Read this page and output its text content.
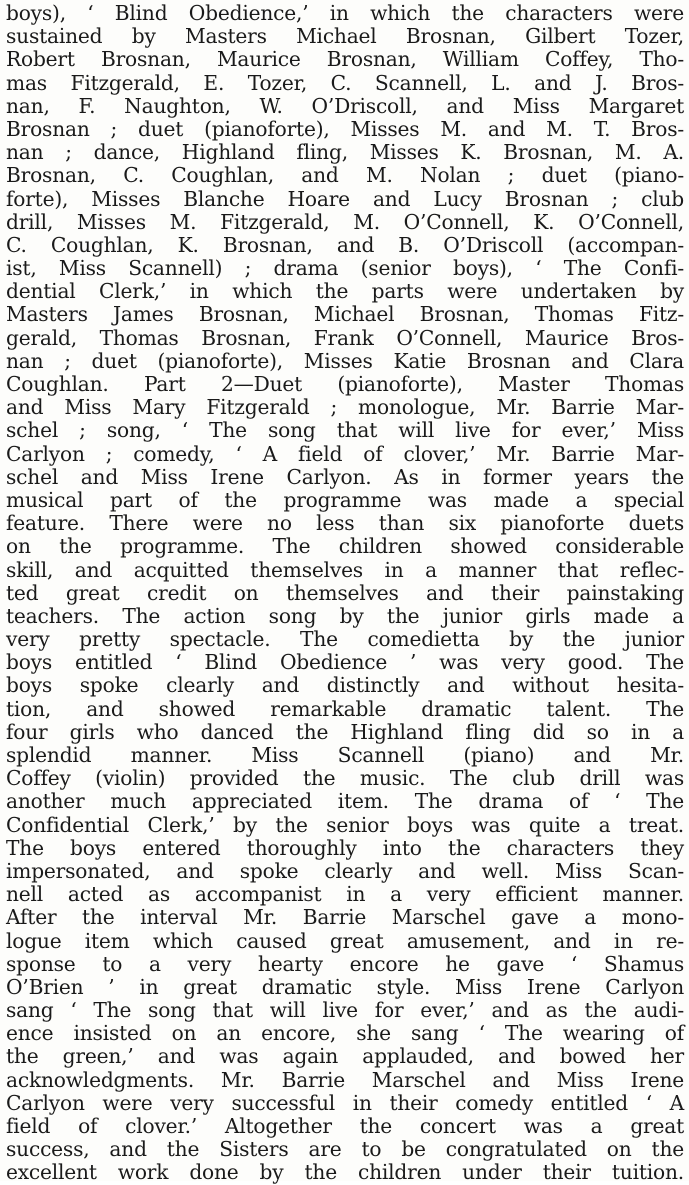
boys), ‘ Blind Obedience,’ in which the characters were
sustained by Masters Michael Brosnan, Gilbert Tozer,
Robert Brosnan, Maurice Brosnan, William Coffey, Tho-
mas Fitzgerald, E. Tozer, C. Scannell, L. and J. Bros-
nan, F. Naughton, W. O’Driscoll, and Miss Margaret
Brosnan ; duet (pianoforte), Misses M. and M. T. Bros-
nan ; dance, Highland fling, Misses K. Brosnan, M. A.
Brosnan, C. Coughlan, and M. Nolan ; duet (piano-
forte), Misses Blanche Hoare and Lucy Brosnan ; club
drill, Misses M. Fitzgerald, M. O’Connell, K. O’Connell,
C. Coughlan, K. Brosnan, and B. O’Driscoll (accompan-
ist, Miss Scannell) ; drama (senior boys), ‘ The Confi-
dential Clerk,’ in which the parts were undertaken by
Masters James Brosnan, Michael Brosnan, Thomas Fitz-
gerald, Thomas Brosnan, Frank O’Connell, Maurice Bros-
nan ; duet (pianoforte), Misses Katie Brosnan and Clara
Coughlan. Part 2—Duet (pianoforte), Master Thomas
and Miss Mary Fitzgerald ; monologue, Mr. Barrie Mar-
schel ; song, ‘ The song that will live for ever,’ Miss
Carlyon ; comedy, ‘ A field of clover,’ Mr. Barrie Mar-
schel and Miss Irene Carlyon. As in former years the
musical part of the programme was made a special
feature. There were no less than six pianoforte duets
on the programme. The children showed considerable
skill, and acquitted themselves in a manner that reflec-
ted great credit on themselves and their painstaking
teachers. The action song by the junior girls made a
very pretty spectacle. The comedietta by the junior
boys entitled ‘ Blind Obedience ’ was very good. The
boys spoke clearly and distinctly and without hesita-
tion, and showed remarkable dramatic talent. The
four girls who danced the Highland fling did so in a
splendid manner. Miss Scannell (piano) and Mr.
Coffey (violin) provided the music. The club drill was
another much appreciated item. The drama of ‘ The
Confidential Clerk,’ by the senior boys was quite a treat.
The boys entered thoroughly into the characters they
impersonated, and spoke clearly and well. Miss Scan-
nell acted as accompanist in a very efficient manner.
After the interval Mr. Barrie Marschel gave a mono-
logue item which caused great amusement, and in re-
sponse to a very hearty encore he gave ‘ Shamus
O’Brien ’ in great dramatic style. Miss Irene Carlyon
sang ‘ The song that will live for ever,’ and as the audi-
ence insisted on an encore, she sang ‘ The wearing of
the green,’ and was again applauded, and bowed her
acknowledgments. Mr. Barrie Marschel and Miss Irene
Carlyon were very successful in their comedy entitled ‘ A
field of clover.’ Altogether the concert was a great
success, and the Sisters are to be congratulated on the
excellent work done by the children under their tuition.
